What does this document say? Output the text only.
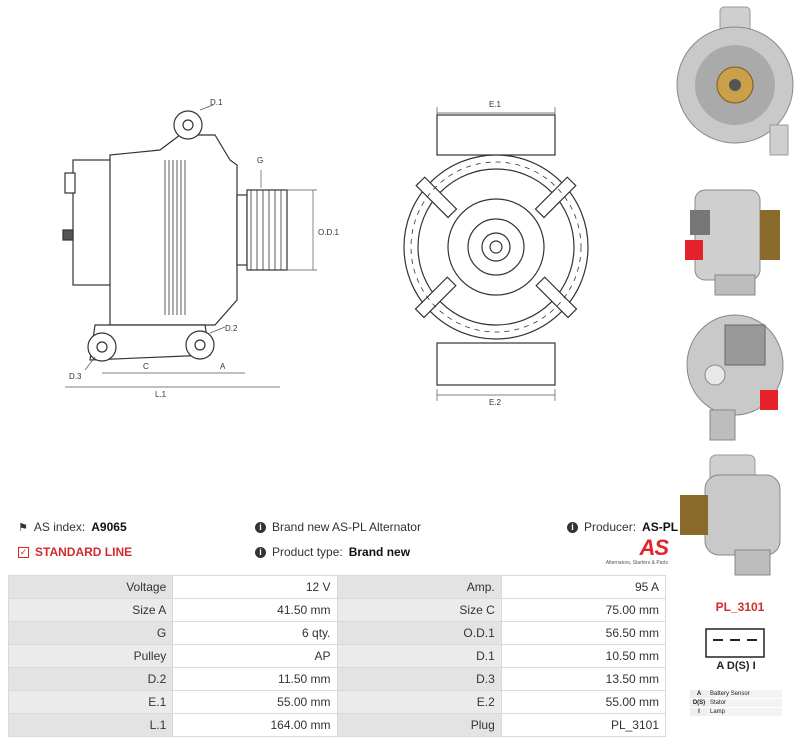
D.1
G
O.D.1
D.2
D.3
C	A
L.1
E.1
E.2
⚑ AS index: A9065	i Brand new AS-PL Alternator	i Producer: AS-PL
✓ STANDARD LINE	i Product type: Brand new	AS
Alternators, Starters & Parts
Voltage	12 V	Amp.	95 A
Size A	41.50 mm	Size C	75.00 mm
G	6 qty.	O.D.1	56.50 mm
Pulley	AP	D.1	10.50 mm
D.2	11.50 mm	D.3	13.50 mm
E.1	55.00 mm	E.2	55.00 mm
L.1	164.00 mm	Plug	PL_3101
PL_3101
A D(S) I
A	Battery Sensor
D(S)	Stator
I	Lamp
